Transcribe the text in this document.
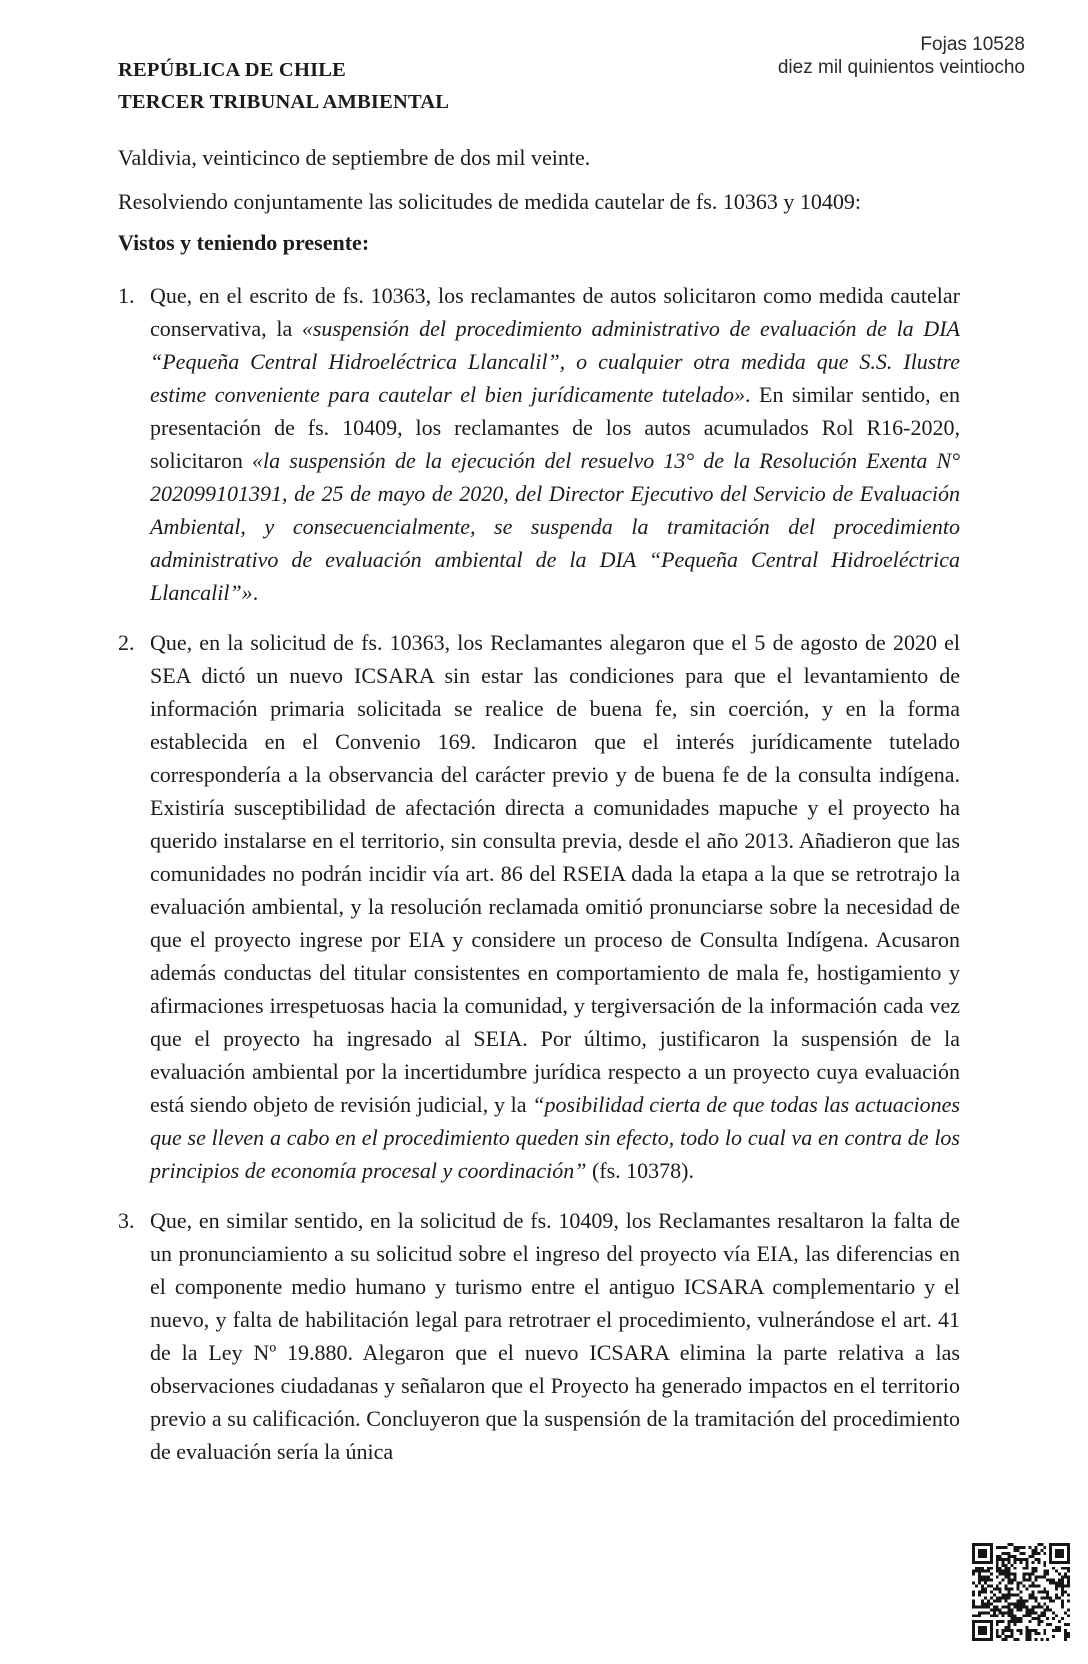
Fojas 10528
diez mil quinientos veintiocho
REPÚBLICA DE CHILE
TERCER TRIBUNAL AMBIENTAL

Valdivia, veinticinco de septiembre de dos mil veinte.

Resolviendo conjuntamente las solicitudes de medida cautelar de fs. 10363 y 10409:

Vistos y teniendo presente:

1. Que, en el escrito de fs. 10363, los reclamantes de autos solicitaron como medida cautelar conservativa, la «suspensión del procedimiento administrativo de evaluación de la DIA “Pequeña Central Hidroeléctrica Llancalil”, o cualquier otra medida que S.S. Ilustre estime conveniente para cautelar el bien jurídicamente tutelado». En similar sentido, en presentación de fs. 10409, los reclamantes de los autos acumulados Rol R16-2020, solicitaron «la suspensión de la ejecución del resuelvo 13° de la Resolución Exenta N° 202099101391, de 25 de mayo de 2020, del Director Ejecutivo del Servicio de Evaluación Ambiental, y consecuencialmente, se suspenda la tramitación del procedimiento administrativo de evaluación ambiental de la DIA “Pequeña Central Hidroeléctrica Llancalil”».
2. Que, en la solicitud de fs. 10363, los Reclamantes alegaron que el 5 de agosto de 2020 el SEA dictó un nuevo ICSARA sin estar las condiciones para que el levantamiento de información primaria solicitada se realice de buena fe, sin coerción, y en la forma establecida en el Convenio 169. Indicaron que el interés jurídicamente tutelado correspondería a la observancia del carácter previo y de buena fe de la consulta indígena. Existiría susceptibilidad de afectación directa a comunidades mapuche y el proyecto ha querido instalarse en el territorio, sin consulta previa, desde el año 2013. Añadieron que las comunidades no podrán incidir vía art. 86 del RSEIA dada la etapa a la que se retrotrajo la evaluación ambiental, y la resolución reclamada omitió pronunciarse sobre la necesidad de que el proyecto ingrese por EIA y considere un proceso de Consulta Indígena. Acusaron además conductas del titular consistentes en comportamiento de mala fe, hostigamiento y afirmaciones irrespetuosas hacia la comunidad, y tergiversación de la información cada vez que el proyecto ha ingresado al SEIA. Por último, justificaron la suspensión de la evaluación ambiental por la incertidumbre jurídica respecto a un proyecto cuya evaluación está siendo objeto de revisión judicial, y la “posibilidad cierta de que todas las actuaciones que se lleven a cabo en el procedimiento queden sin efecto, todo lo cual va en contra de los principios de economía procesal y coordinación” (fs. 10378).
3. Que, en similar sentido, en la solicitud de fs. 10409, los Reclamantes resaltaron la falta de un pronunciamiento a su solicitud sobre el ingreso del proyecto vía EIA, las diferencias en el componente medio humano y turismo entre el antiguo ICSARA complementario y el nuevo, y falta de habilitación legal para retrotraer el procedimiento, vulnerándose el art. 41 de la Ley Nº 19.880. Alegaron que el nuevo ICSARA elimina la parte relativa a las observaciones ciudadanas y señalaron que el Proyecto ha generado impactos en el territorio previo a su calificación. Concluyeron que la suspensión de la tramitación del procedimiento de evaluación sería la única
